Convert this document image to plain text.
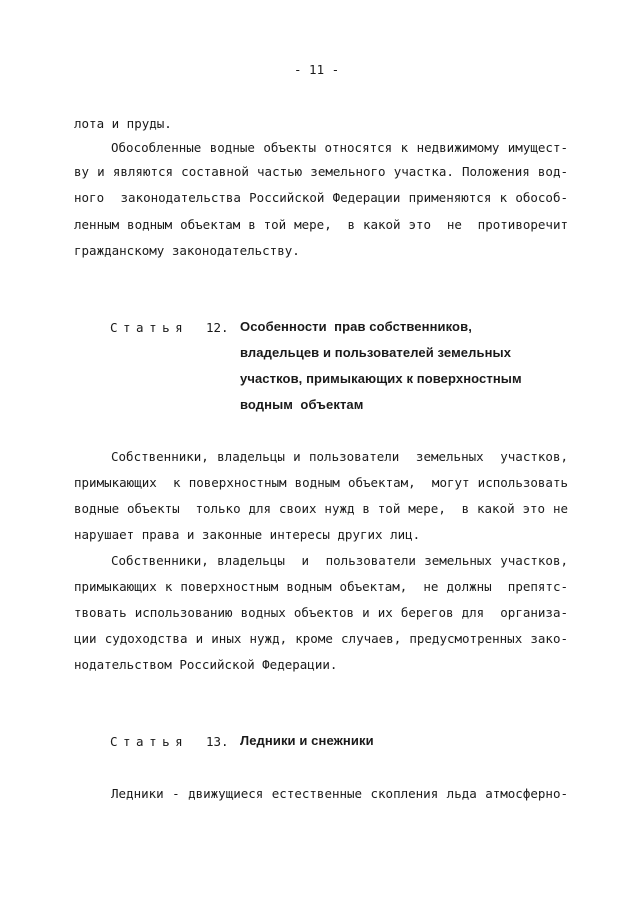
- 11 -
лота и пруды.
Обособленные водные объекты относятся к недвижимому имущест-
ву и являются составной частью земельного участка. Положения вод-
ного  законодательства Российской Федерации применяются к обособ-
ленным водным объектам в той мере,  в какой это  не  противоречит
гражданскому законодательству.
Статья 12. Особенности  прав собственников,
владельцев и пользователей земельных
участков, примыкающих к поверхностным
водным  объектам
Собственники, владельцы и пользователи  земельных  участков,
примыкающих  к поверхностным водным объектам,  могут использовать
водные объекты  только для своих нужд в той мере,  в какой это не
нарушает права и законные интересы других лиц.
Собственники, владельцы  и  пользователи земельных участков,
примыкающих к поверхностным водным объектам,  не должны  препятс-
твовать использованию водных объектов и их берегов для  организа-
ции судоходства и иных нужд, кроме случаев, предусмотренных зако-
нодательством Российской Федерации.
Статья 13. Ледники и снежники
Ледники - движущиеся естественные скопления льда атмосферно-
